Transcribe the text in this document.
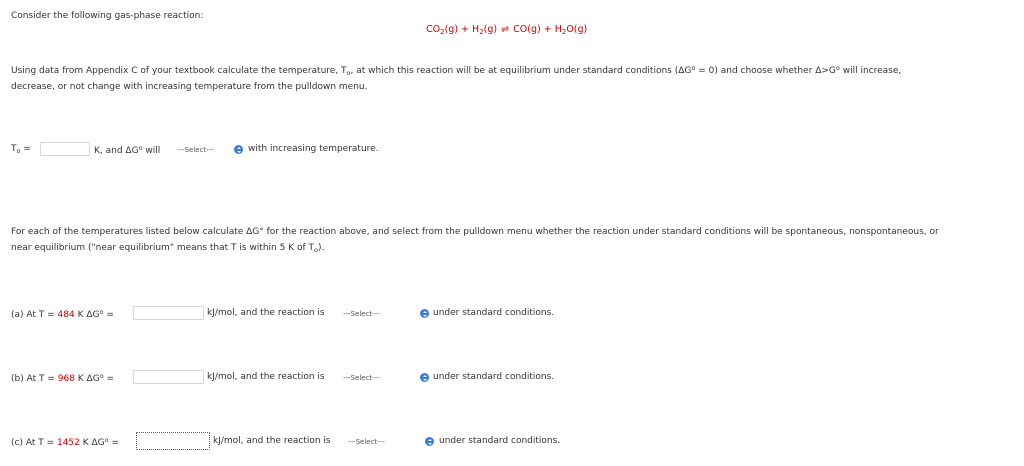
Consider the following gas-phase reaction:
$CO_2(g) + H_2(g)$ ⇌ $CO(g) + H_2O(g)$
Using data from Appendix C of your textbook calculate the temperature, $T_o$, at which this reaction will be at equilibrium under standard conditions $(\Delta G^o = 0)$ and choose whether $\Delta>G^o$ will increase,
decrease, or not change with increasing temperature from the pulldown menu.
$T_o$ =	K, and $\Delta G^o$ will ---Select---	with increasing temperature.
For each of the temperatures listed below calculate ΔG° for the reaction above, and select from the pulldown menu whether the reaction under standard conditions will be spontaneous, nonspontaneous, or
near equilibrium ("near equilibrium" means that T is within 5 K of $T_o$).
(a) At T = 484 K $\Delta G^o$ =	kJ/mol, and the reaction is	---Select---	under standard conditions.
(b) At T = 968 K $\Delta G^o$ =	kJ/mol, and the reaction is	---Select---	under standard conditions.
(c) At T = 1452 K $\Delta G^o$ =	kJ/mol, and the reaction is ---Select---	under standard conditions.
